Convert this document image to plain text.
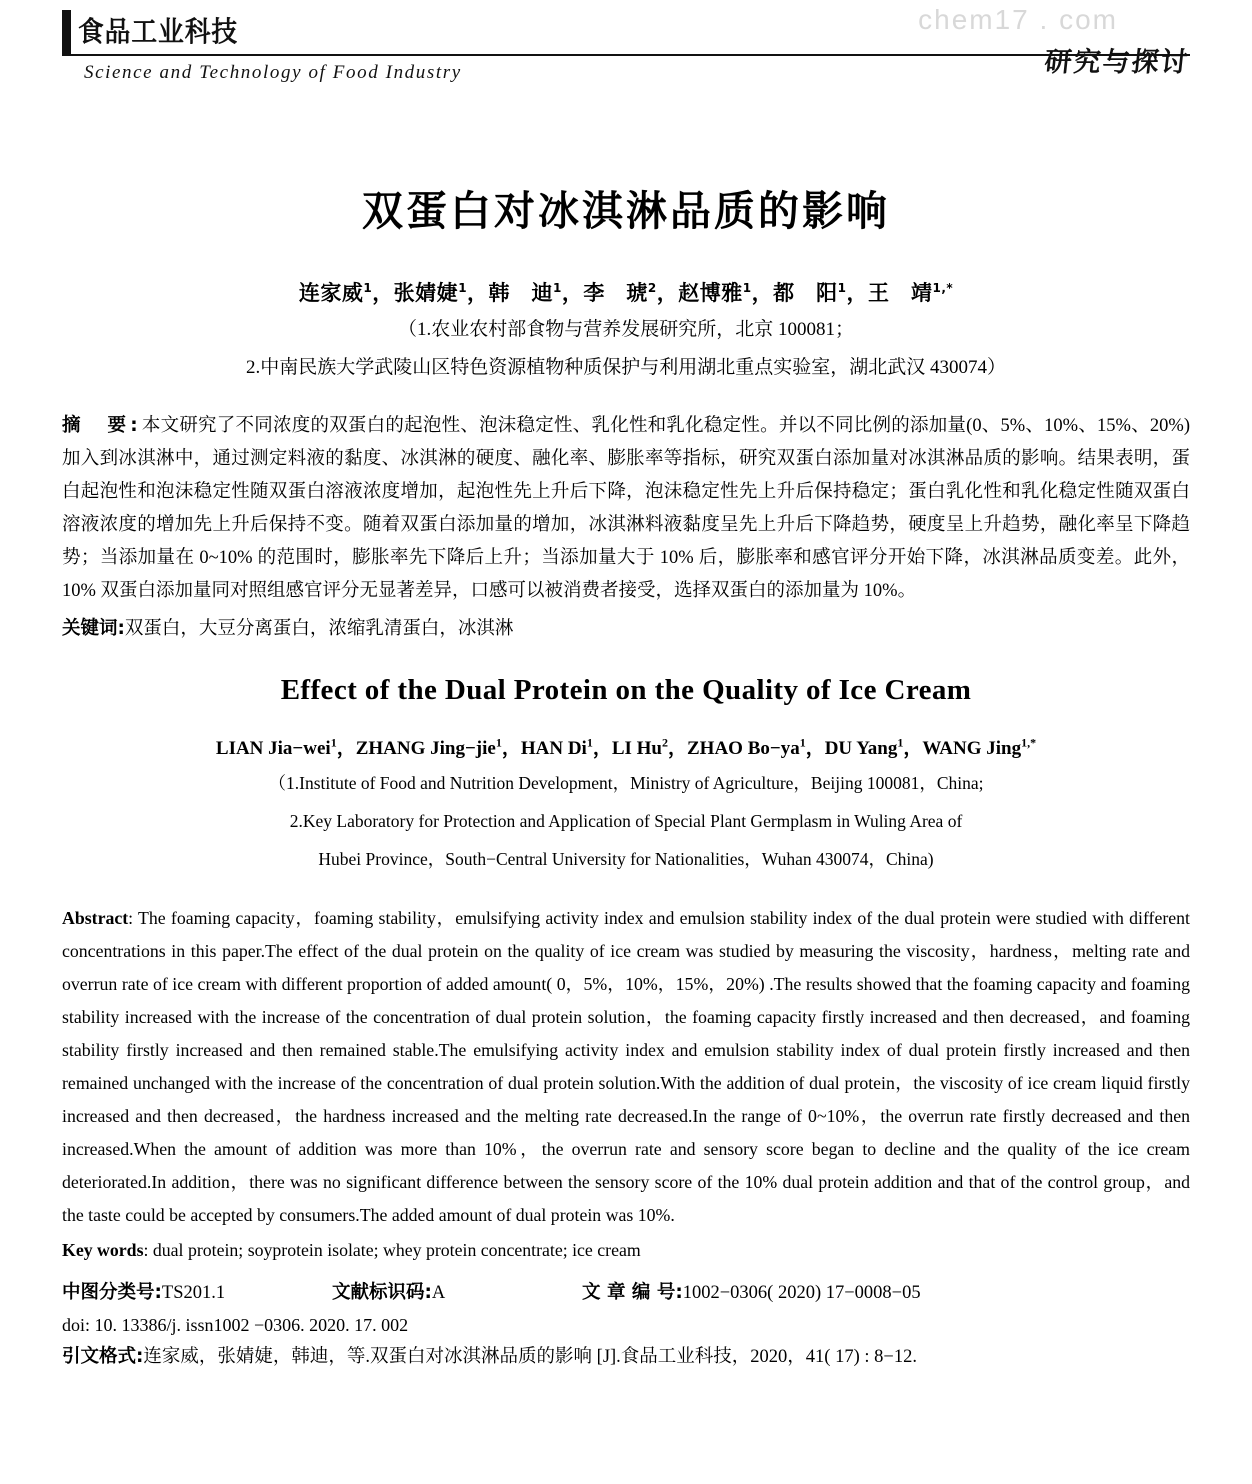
食品工业科技
Science and Technology of Food Industry
chem17 . com
研究与探讨
双蛋白对冰淇淋品质的影响
连家威$^1$，张婧婕$^1$，韩　迪$^1$，李　琥$^2$，赵博雅$^1$，都　阳$^1$，王　靖$^{1,*}$
（1.农业农村部食物与营养发展研究所，北京 100081；
2.中南民族大学武陵山区特色资源植物种质保护与利用湖北重点实验室，湖北武汉 430074）
摘　要:本文研究了不同浓度的双蛋白的起泡性、泡沫稳定性、乳化性和乳化稳定性。并以不同比例的添加量(0、5%、10%、15%、20%)加入到冰淇淋中，通过测定料液的黏度、冰淇淋的硬度、融化率、膨胀率等指标，研究双蛋白添加量对冰淇淋品质的影响。结果表明，蛋白起泡性和泡沫稳定性随双蛋白溶液浓度增加，起泡性先上升后下降，泡沫稳定性先上升后保持稳定；蛋白乳化性和乳化稳定性随双蛋白溶液浓度的增加先上升后保持不变。随着双蛋白添加量的增加，冰淇淋料液黏度呈先上升后下降趋势，硬度呈上升趋势，融化率呈下降趋势；当添加量在 0~10% 的范围时，膨胀率先下降后上升；当添加量大于 10% 后，膨胀率和感官评分开始下降，冰淇淋品质变差。此外，10% 双蛋白添加量同对照组感官评分无显著差异，口感可以被消费者接受，选择双蛋白的添加量为 10%。
关键词:双蛋白，大豆分离蛋白，浓缩乳清蛋白，冰淇淋
Effect of the Dual Protein on the Quality of Ice Cream
LIAN Jia−wei$^1$，ZHANG Jing−jie$^1$，HAN Di$^1$，LI Hu$^2$，ZHAO $Bo-ya^1$，DU Yang$^1$，WANG Jing$^{1,*}$
（1.Institute of Food and Nutrition Development，Ministry of Agriculture，Beijing 100081，China;
2.Key Laboratory for Protection and Application of Special Plant Germplasm in Wuling Area of
Hubei Province，South−Central University for Nationalities，Wuhan 430074，China)
Abstract: The foaming capacity，foaming stability，emulsifying activity index and emulsion stability index of the dual protein were studied with different concentrations in this paper.The effect of the dual protein on the quality of ice cream was studied by measuring the viscosity，hardness，melting rate and overrun rate of ice cream with different proportion of added amount( 0，5%，10%，15%，20%) .The results showed that the foaming capacity and foaming stability increased with the increase of the concentration of dual protein solution，the foaming capacity firstly increased and then decreased，and foaming stability firstly increased and then remained stable.The emulsifying activity index and emulsion stability index of dual protein firstly increased and then remained unchanged with the increase of the concentration of dual protein solution.With the addition of dual protein，the viscosity of ice cream liquid firstly increased and then decreased，the hardness increased and the melting rate decreased.In the range of 0~10%，the overrun rate firstly decreased and then increased.When the amount of addition was more than 10%，the overrun rate and sensory score began to decline and the quality of the ice cream deteriorated.In addition，there was no significant difference between the sensory score of the 10% dual protein addition and that of the control group，and the taste could be accepted by consumers.The added amount of dual protein was 10%.
Key words: dual protein; soyprotein isolate; whey protein concentrate; ice cream
中图分类号:TS201.1	文献标识码:A	文 章 编 号:1002−0306( 2020) 17−0008−05
doi: 10. 13386/j. issn1002 −0306. 2020. 17. 002
引文格式:连家威，张婧婕，韩迪，等.双蛋白对冰淇淋品质的影响 [J].食品工业科技，2020，41( 17) : 8−12.
